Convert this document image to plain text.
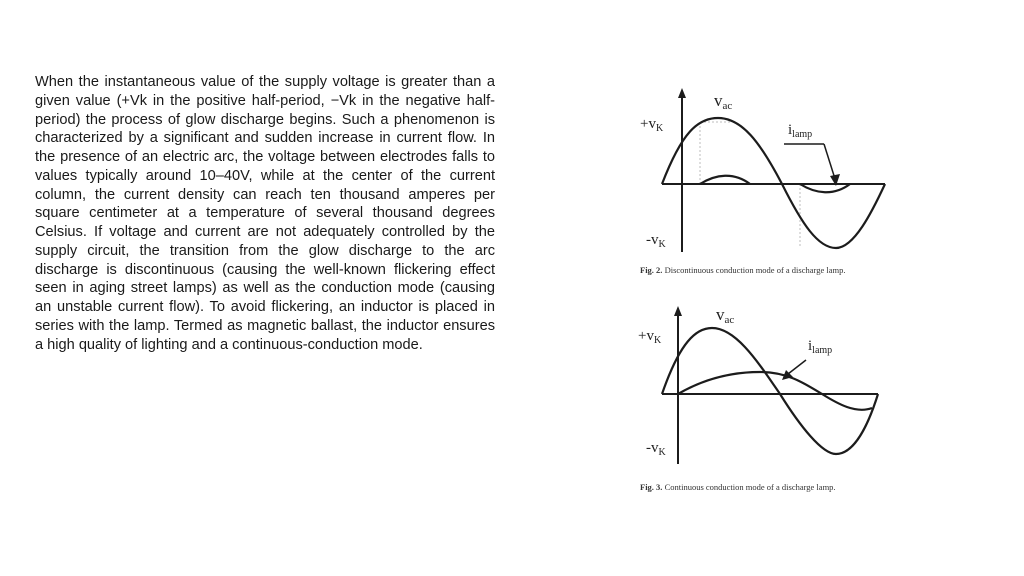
When the instantaneous value of the supply voltage is greater than a given value (+Vk in the positive half-period, −Vk in the negative half-period) the process of glow discharge begins. Such a phenomenon is characterized by a significant and sudden increase in current flow. In the presence of an electric arc, the voltage between electrodes falls to values typically around 10–40V, while at the center of the current column, the current density can reach ten thousand amperes per square centimeter at a temperature of several thousand degrees Celsius. If voltage and current are not adequately controlled by the supply circuit, the transition from the glow discharge to the arc discharge is discontinuous (causing the well-known flickering effect seen in aging street lamps) as well as the conduction mode (causing an unstable current flow). To avoid flickering, an inductor is placed in series with the lamp. Termed as magnetic ballast, the inductor ensures a high quality of lighting and a continuous-conduction mode.
$+v_K$
$-v_K$
vac
$i_{lamp}$
Fig. 2. Discontinuous conduction mode of a discharge lamp.
$+v_K$
$-v_K$
vac
$i_{lamp}$
Fig. 3. Continuous conduction mode of a discharge lamp.
